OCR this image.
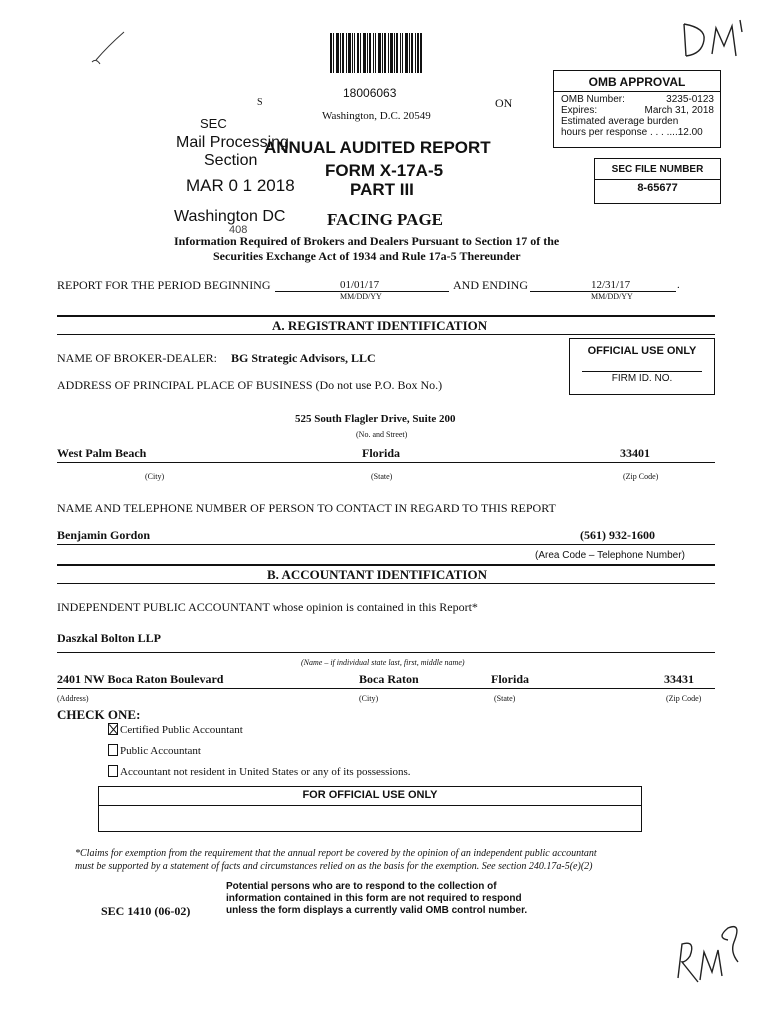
18006063
SEC
Mail Processing
Section
MAR 0 1 2018
Washington DC
408
S	ON
Washington, D.C. 20549
OMB APPROVAL
OMB Number:	3235-0123
Expires:	March 31, 2018
Estimated average burden
hours per response . . . ....12.00
SEC FILE NUMBER
8-65677
ANNUAL AUDITED REPORT
FORM X-17A-5
PART III
FACING PAGE
Information Required of Brokers and Dealers Pursuant to Section 17 of the
Securities Exchange Act of 1934 and Rule 17a-5 Thereunder
REPORT FOR THE PERIOD BEGINNING	01/01/17
MM/DD/YY
AND ENDING	12/31/17	.
MM/DD/YY
A. REGISTRANT IDENTIFICATION
NAME OF BROKER-DEALER: BG Strategic Advisors, LLC	OFFICIAL USE ONLY
FIRM ID. NO.
ADDRESS OF PRINCIPAL PLACE OF BUSINESS (Do not use P.O. Box No.)
525 South Flagler Drive, Suite 200
(No. and Street)
West Palm Beach	Florida	33401
(City)	(State)	(Zip Code)
NAME AND TELEPHONE NUMBER OF PERSON TO CONTACT IN REGARD TO THIS REPORT
Benjamin Gordon	(561) 932-1600
(Area Code – Telephone Number)
B. ACCOUNTANT IDENTIFICATION
INDEPENDENT PUBLIC ACCOUNTANT whose opinion is contained in this Report*
Daszkal Bolton LLP
(Name – if individual state last, first, middle name)
2401 NW Boca Raton Boulevard	Boca Raton	Florida	33431
(Address)	(City)	(State)	(Zip Code)
CHECK ONE:
Certified Public Accountant
Public Accountant
Accountant not resident in United States or any of its possessions.
FOR OFFICIAL USE ONLY
*Claims for exemption from the requirement that the annual report be covered by the opinion of an independent public accountant
must be supported by a statement of facts and circumstances relied on as the basis for the exemption. See section 240.17a-5(e)(2)
SEC 1410 (06-02)
Potential persons who are to respond to the collection of
information contained in this form are not required to respond
unless the form displays a currently valid OMB control number.
